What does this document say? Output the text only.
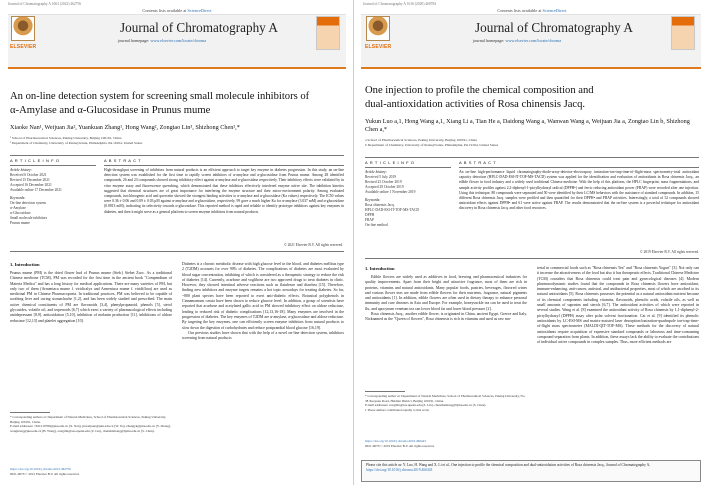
Journal of Chromatography A 1663 (2022) 462756
Contents lists available at ScienceDirect
ELSEVIER
Journal of Chromatography A
journal homepage: www.elsevier.com/locate/chroma
An on-line detection system for screening small molecule inhibitors of
α-Amylase and α-Glucosidase in Prunus mume
Xiaoke Nan¹, Weijuan Jia², Yuankuan Zhang¹, Hong Wang², Zongtao Lin³, Shizhong Chen¹,*
¹ School of Pharmaceutical Sciences, Peking University, Beijing 100191, China
² Department of Chemistry, University of Pennsylvania, Philadelphia, PA 19104, United States
A R T I C L E I N F O	A B S T R A C T
Article history:
Received 6 October 2021
Revised 15 December 2021
Accepted 16 December 2021
Available online 17 December 2021
Keywords:
On-line detection system
α-Amylase
α-Glucosidase
Small molecule inhibitors
Prunus mume
High-throughput screening of inhibitors from natural products is an efficient approach to target key enzyme in diabetes progression. In this study, an on-line detection system was established for the first time to rapidly screen inhibitors of α-amylase and α-glucosidase from Prunus mume. Among 28 identified compounds, 26 and 23 compounds showed strong inhibitory effect against α-amylase and α-glucosidase respectively. Their inhibitory effects were validated by in vitro enzyme assay and fluorescence quenching, which demonstrated that these inhibitors effectively interfered enzyme active site. The inhibition kinetics suggested that chemical structures are of great importance for interfering the enzyme structure and their micro-environment polarity. Among evaluated compounds, isochlorogenic acid and quercetin showed the strongest binding activities to α-amylase and α-glucosidase (Ka values) respectively. The IC50 values were 0.36 ± 0.06 and 0.09 ± 0.03 μM against α-amylase and α-glucosidase, respectively, 99 gave a much higher Ka for α-amylase (3.037 mM) and α-glucosidase (0.0813 mM), indicating its selectivity towards α-glucosidase. This reported method is rapid and reliable to identify prototype inhibitors against key enzymes in diabetes, and then it might serve as a general platform to screen enzyme inhibitors from natural products.
© 2021 Elsevier B.V. All rights reserved.
1. Introduction
Prunus mume (PM) is the dried flower bud of Prunus mume (Sieb.) Siebet Zucc. As a traditional Chinese medicine (TCM), PM was recorded for the first time in the ancient book "Compendium of Materia Medica" and has a long history for medical applications. There are many varieties of PM, but only two of them (Armeniaca mume f. viridicalyx and Armeniaca mume f. viridiflora) are used as medicinal PM in Chinese Pharmacopoeia. In traditional practices, PM was believed to be capable of soothing liver and curing stomachache [1,2], and has been widely studied and prescribed. The main active chemical constituents of PM are flavonoids [3,4], phenylpropanoid, phenols [5], sterol glycosides, volatile oil, and terpenoids [6,7] which exert a variety of pharmacological effects including antidepressant [8,9], antioxidation [5,10], inhibition of melanin production [11], inhibitions of aldose reductase [12,13] and platelet aggregation [10].
Diabetes is a chronic metabolic disease with high glucose level in the blood, and diabetes mellitus type 2 (T2DM) accounts for over 90% of diabetes. The complications of diabetes are most evaluated by blood sugar concentration, inhibiting of which is considered as a therapeutic strategy to reduce the risk of diabetes [14]. Currently, acarbose and voglibose are two approved drugs to treat diabetes in clinic. However, they showed intestinal adverse reactions such as flatulence and diarrhea [15]. Therefore, finding new inhibitors and enzyme targets remains a hot topic nowadays for treating diabetes. So far, ~800 plant species have been reported to exert anti-diabetic effects. Botanical polyphenols in Cinnamomum cassia have been shown to reduce glucose level. In addition, a group of scientists have reported that acarbose and acetylated gallic acid in PM showed inhibitory effect on aldose reductase, leading to reduced risk of diabetic complications [12,13,16-18]. Many enzymes are involved in the progression of diabetes. The key enzymes of T2DM are α-amylase, α-glucosidase and aldose reductase. By targeting the key enzymes, one can efficiently screen enzyme inhibitors from natural products to slow down the digestion of carbohydrates and reduce postprandial blood glucose [16,19].
Our previous studies have shown that with the help of a novel on-line detection system, inhibitors screening from natural products
* Corresponding authors at: Department of Natural Medicines, School of Pharmaceutical Sciences, Peking University, Beijing 100191, China.
E-mail addresses: 1811210780@pku.edu.cn (X. Nan), jiaweijuan@pku.edu.cn (W. Jia), zhangyk@pku.edu.cn (Y. Zhang), wanghong@pku.edu.cn (H. Wang), zongtlin@sas.upenn.edu (Z. Lin), chenshizhong@bjmu.edu.cn (S. Chen).
https://doi.org/10.1016/j.chroma.2021.462756
0021-9673/© 2021 Elsevier B.V. All rights reserved.
Journal of Chromatography A 1616 (2020) 460784
Contents lists available at ScienceDirect
ELSEVIER
Journal of Chromatography A
journal homepage: www.elsevier.com/locate/chroma
One injection to profile the chemical composition and
dual-antioxidation activities of Rosa chinensis Jacq.
Yukun Luo a,1, Hong Wang a,1, Xiang Li a, Tian He a, Daidong Wang a, Wanwan Wang a, Weijuan Jia a, Zongtao Lin b, Shizhong Chen a,*
a School of Pharmaceutical Sciences, Peking University, Beijing 100191, China
b Department of Chemistry, University of Pennsylvania, Philadelphia, PA 19104, United States
A R T I C L E I N F O	A B S T R A C T
Article history:
Received 5 July 2019
Revised 23 October 2019
Accepted 29 October 2019
Available online 1 November 2019
Keywords:
Rosa chinensis Jacq.
HPLC-DAD-ESI-IT-TOF-MS-TACD
DPPH
FRAP
On-line method
An on-line high-performance liquid chromatography-diode-array-detector-electrospray ionization-ion-trap-time-of-flight-mass spectrometry-total antioxidant capacity detection (HPLC-DAD-ESI-IT-TOF-MS-TACD) system was applied for the identification and evaluation of antioxidants in Rosa chinensis Jacq., an edible flower in food industry and a widely used traditional Chinese medicine. With the help of this platform, the HPLC fingerprint, mass fragmentations, and sample activity profiles against 2,2-diphenyl-1-picrylhydrazyl radical (DPPH•) and ferric reducing antioxidant power (FRAP) were recorded after one injection. Using this technique, 80 compounds were separated and 50 were identified by their LC/MS behaviors with the assistance of standard compounds. In addition, 15 different Rosa chinensis Jacq. samples were profiled and then quantified for their DPPH• and FRAP activities. Interestingly, a total of 52 compounds showed antioxidant effects against DPPH• and 61 were active against FRAP. The results demonstrated that the on-line system is a powerful technique for antioxidant discovery in Rosa chinensis Jacq. and other food resources.
© 2019 Elsevier B.V. All rights reserved.
1. Introduction
Edible flowers are widely used as additives in food, brewing and pharmaceutical industries for quality improvements. Apart from their bright and attractive fragrance, most of them are rich in proteins, vitamins and natural antioxidants. Many popular foods, pastries, beverages, flavored wines and various flower teas are made from edible flowers for their nutrients, fragrance, natural pigments and antioxidants [1]. In addition, edible flowers are often used in dietary therapy to enhance personal immunity and cure diseases in Asia and Europe. For example, honeysuckle tea can be used to treat the flu, and apocynum venetum tea can lower blood fat and lower blood pressure [2].
Rosa chinensis Jacq., another edible flower, is originated in China, ancient Egypt, Greece and Italy. Nicknamed as the "Queen of flowers", Rosa chinensis is rich in vitamins and used as raw ma-
terial in commercial foods such as "Rosa chinensis Tea" and "Rosa chinensis Yogurt" [3]. Not only can it increase the attractiveness of the food but also it has therapeutic effects. Traditional Chinese Medicine (TCM) considers that Rosa chinensis could treat pain and gynecological diseases [4]. Modern pharmacodynamic studies found that the compounds in Rosa chinensis flowers have antioxidant, immune-enhancing, anti-cancer, antiviral, and antibacterial properties, most of which are ascribed to its natural antioxidants [5]. Rosa chinensis possesses the potential as a natural antioxidant nutrient because of its chemical components including vitamins, flavonoids, phenolic acids, volatile oils, as well as small amounts of saponins and sterols [6,7]. The antioxidant activities of which were reported in several studies. Wang et al. [8] examined the antioxidant activity of Rosa chinensis by 1,1-diphenyl-2-picrylhydrazyl (DPPH) assay after polar solvent fractionation. Cai et al. [9] identified its phenolic antioxidants by LC-ESI-MS and matrix-assisted laser desorption/ionization-quadrupole ion-trap-time-of-flight mass spectrometer (MALDI-QIT-TOF-MS). These methods for the discovery of natural antioxidants require acquisition of expensive standard compounds or laborious and time-consuming compound separation from plants. In addition, these assays lack the ability to evaluate the contributions of individual active compounds in complex samples. Thus, more efficient methods are
* Corresponding author at: Department of Natural Medicines, School of Pharmaceutical Sciences, Peking University, No. 38 Xueyuan Road, Haidian District, Beijing 100191, China.
E-mail addresses: zongtlin@sas.upenn.edu (Z. Lin), chenshizhong@bjmu.edu.cn (S. Chen).
1 These authors contributed equally to this work.
https://doi.org/10.1016/j.chroma.2019.460443
0021-9673/© 2019 Elsevier B.V. All rights reserved.
Please cite this article as: Y. Luo, H. Wang and X. Li et al., One injection to profile the chemical composition and dual-antioxidation activities of Rosa chinensis Jacq., Journal of Chromatography A, https://doi.org/10.1016/j.chroma.2019.460443
